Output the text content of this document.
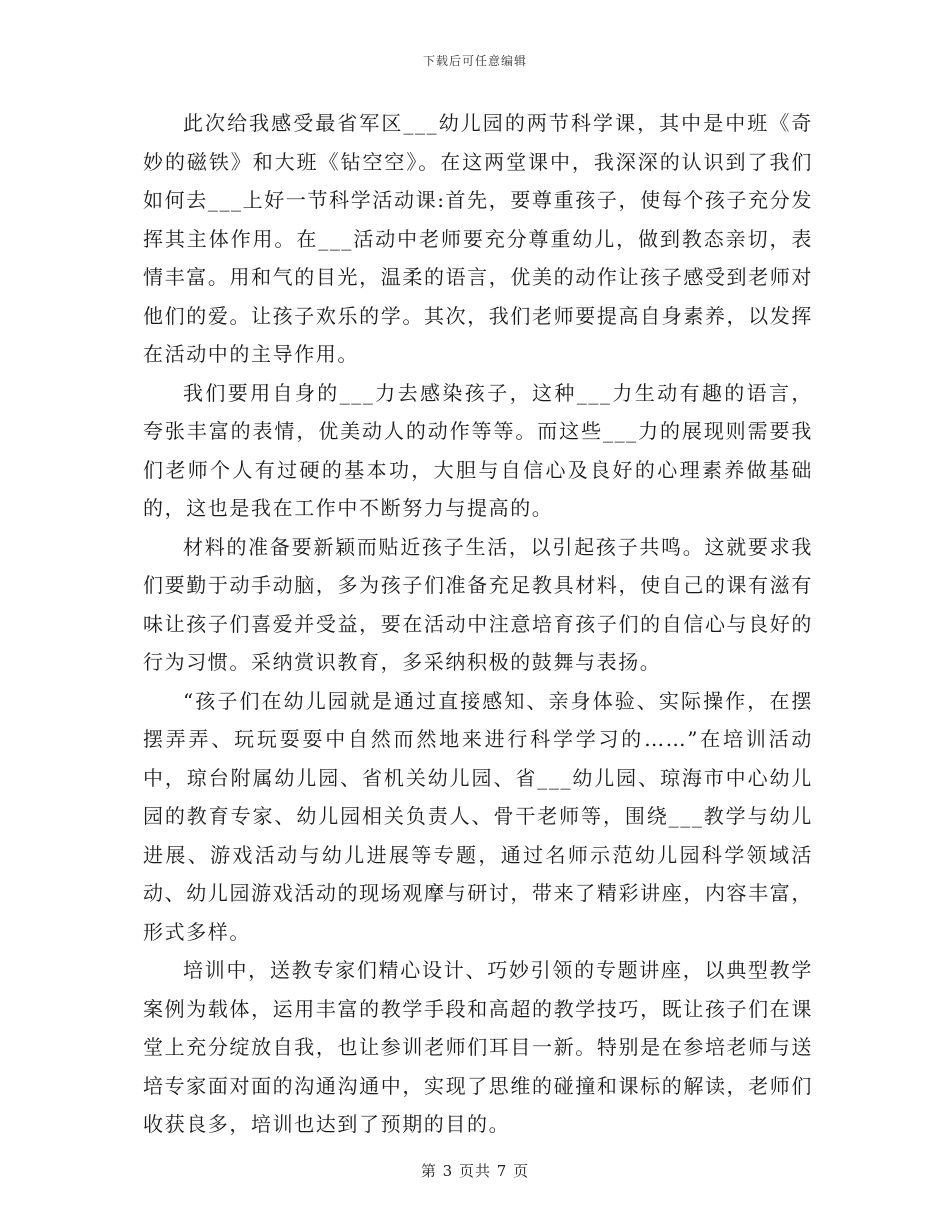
下载后可任意编辑

此次给我感受最省军区___幼儿园的两节科学课，其中是中班《奇妙的磁铁》和大班《钻空空》。在这两堂课中，我深深的认识到了我们如何去___上好一节科学活动课:首先，要尊重孩子，使每个孩子充分发挥其主体作用。在___活动中老师要充分尊重幼儿，做到教态亲切，表情丰富。用和气的目光，温柔的语言，优美的动作让孩子感受到老师对他们的爱。让孩子欢乐的学。其次，我们老师要提高自身素养，以发挥在活动中的主导作用。

我们要用自身的___力去感染孩子，这种___力生动有趣的语言，夸张丰富的表情，优美动人的动作等等。而这些___力的展现则需要我们老师个人有过硬的基本功，大胆与自信心及良好的心理素养做基础的，这也是我在工作中不断努力与提高的。

材料的准备要新颖而贴近孩子生活，以引起孩子共鸣。这就要求我们要勤于动手动脑，多为孩子们准备充足教具材料，使自己的课有滋有味让孩子们喜爱并受益，要在活动中注意培育孩子们的自信心与良好的行为习惯。采纳赏识教育，多采纳积极的鼓舞与表扬。

“孩子们在幼儿园就是通过直接感知、亲身体验、实际操作，在摆摆弄弄、玩玩耍耍中自然而然地来进行科学学习的……”在培训活动中，琼台附属幼儿园、省机关幼儿园、省___幼儿园、琼海市中心幼儿园的教育专家、幼儿园相关负责人、骨干老师等，围绕___教学与幼儿进展、游戏活动与幼儿进展等专题，通过名师示范幼儿园科学领域活动、幼儿园游戏活动的现场观摩与研讨，带来了精彩讲座，内容丰富，形式多样。

培训中，送教专家们精心设计、巧妙引领的专题讲座，以典型教学案例为载体，运用丰富的教学手段和高超的教学技巧，既让孩子们在课堂上充分绽放自我，也让参训老师们耳目一新。特别是在参培老师与送培专家面对面的沟通沟通中，实现了思维的碰撞和课标的解读，老师们收获良多，培训也达到了预期的目的。

第 3 页共 7 页
